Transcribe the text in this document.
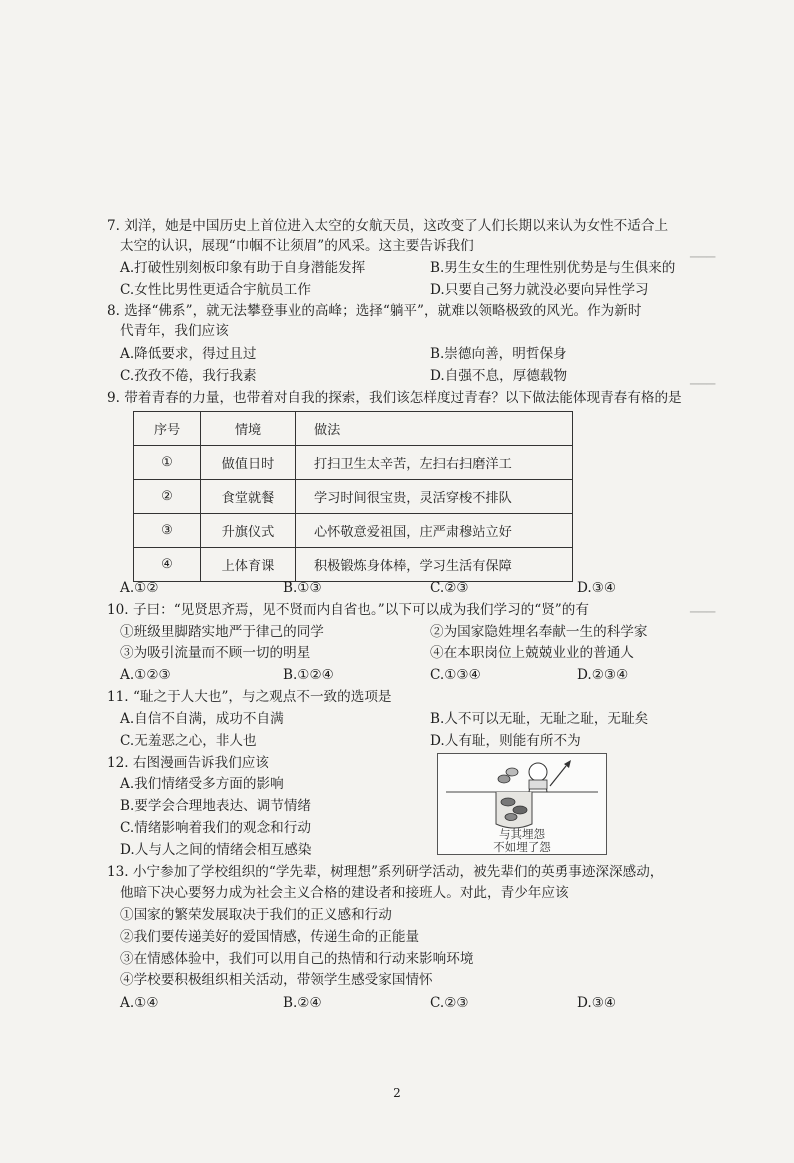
▁▁▁
▁▁▁
▁▁▁
7. 刘洋，她是中国历史上首位进入太空的女航天员，这改变了人们长期以来认为女性不适合上
太空的认识，展现“巾帼不让须眉”的风采。这主要告诉我们
A.打破性别刻板印象有助于自身潜能发挥	B.男生女生的生理性别优势是与生俱来的
C.女性比男性更适合宇航员工作	D.只要自己努力就没必要向异性学习
8. 选择“佛系”，就无法攀登事业的高峰；选择“躺平”，就难以领略极致的风光。作为新时
代青年，我们应该
A.降低要求，得过且过	B.崇德向善，明哲保身
C.孜孜不倦，我行我素	D.自强不息，厚德载物
9. 带着青春的力量，也带着对自我的探索，我们该怎样度过青春？以下做法能体现青春有格的是
序号	情境	做法
①	做值日时	打扫卫生太辛苦，左扫右扫磨洋工
②	食堂就餐	学习时间很宝贵，灵活穿梭不排队
③	升旗仪式	心怀敬意爱祖国，庄严肃穆站立好
④	上体育课	积极锻炼身体棒，学习生活有保障
A.①②	B.①③	C.②③	D.③④
10. 子曰：“见贤思齐焉，见不贤而内自省也。”以下可以成为我们学习的“贤”的有
①班级里脚踏实地严于律己的同学	②为国家隐姓埋名奉献一生的科学家
③为吸引流量而不顾一切的明星	④在本职岗位上兢兢业业的普通人
A.①②③	B.①②④	C.①③④	D.②③④
11. “耻之于人大也”，与之观点不一致的选项是
A.自信不自满，成功不自满	B.人不可以无耻，无耻之耻，无耻矣
C.无羞恶之心，非人也	D.人有耻，则能有所不为
12. 右图漫画告诉我们应该
A.我们情绪受多方面的影响
B.要学会合理地表达、调节情绪
C.情绪影响着我们的观念和行动
D.人与人之间的情绪会相互感染
与其埋怨
不如埋了怨
13. 小宁参加了学校组织的“学先辈，树理想”系列研学活动，被先辈们的英勇事迹深深感动，
他暗下决心要努力成为社会主义合格的建设者和接班人。对此，青少年应该
①国家的繁荣发展取决于我们的正义感和行动
②我们要传递美好的爱国情感，传递生命的正能量
③在情感体验中，我们可以用自己的热情和行动来影响环境
④学校要积极组织相关活动，带领学生感受家国情怀
A.①④	B.②④	C.②③	D.③④
2
